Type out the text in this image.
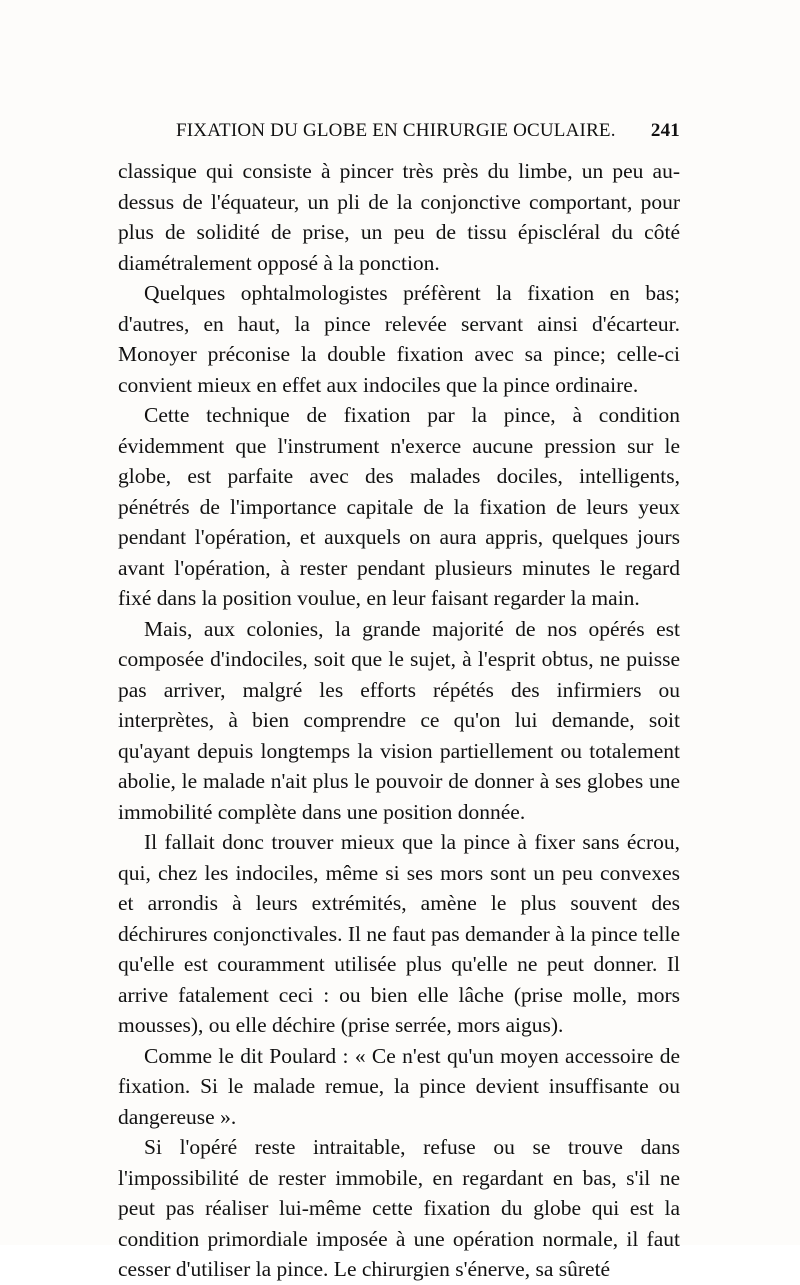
FIXATION DU GLOBE EN CHIRURGIE OCULAIRE. 241

classique qui consiste à pincer très près du limbe, un peu au-dessus de l'équateur, un pli de la conjonctive comportant, pour plus de solidité de prise, un peu de tissu épiscléral du côté diamétralement opposé à la ponction.

Quelques ophtalmologistes préfèrent la fixation en bas; d'autres, en haut, la pince relevée servant ainsi d'écarteur. Monoyer préconise la double fixation avec sa pince; celle-ci convient mieux en effet aux indociles que la pince ordinaire.

Cette technique de fixation par la pince, à condition évidemment que l'instrument n'exerce aucune pression sur le globe, est parfaite avec des malades dociles, intelligents, pénétrés de l'importance capitale de la fixation de leurs yeux pendant l'opération, et auxquels on aura appris, quelques jours avant l'opération, à rester pendant plusieurs minutes le regard fixé dans la position voulue, en leur faisant regarder la main.

Mais, aux colonies, la grande majorité de nos opérés est composée d'indociles, soit que le sujet, à l'esprit obtus, ne puisse pas arriver, malgré les efforts répétés des infirmiers ou interprètes, à bien comprendre ce qu'on lui demande, soit qu'ayant depuis longtemps la vision partiellement ou totalement abolie, le malade n'ait plus le pouvoir de donner à ses globes une immobilité complète dans une position donnée.

Il fallait donc trouver mieux que la pince à fixer sans écrou, qui, chez les indociles, même si ses mors sont un peu convexes et arrondis à leurs extrémités, amène le plus souvent des déchirures conjonctivales. Il ne faut pas demander à la pince telle qu'elle est couramment utilisée plus qu'elle ne peut donner. Il arrive fatalement ceci : ou bien elle lâche (prise molle, mors mousses), ou elle déchire (prise serrée, mors aigus).

Comme le dit Poulard : « Ce n'est qu'un moyen accessoire de fixation. Si le malade remue, la pince devient insuffisante ou dangereuse ».

Si l'opéré reste intraitable, refuse ou se trouve dans l'impossibilité de rester immobile, en regardant en bas, s'il ne peut pas réaliser lui-même cette fixation du globe qui est la condition primordiale imposée à une opération normale, il faut cesser d'utiliser la pince. Le chirurgien s'énerve, sa sûreté
